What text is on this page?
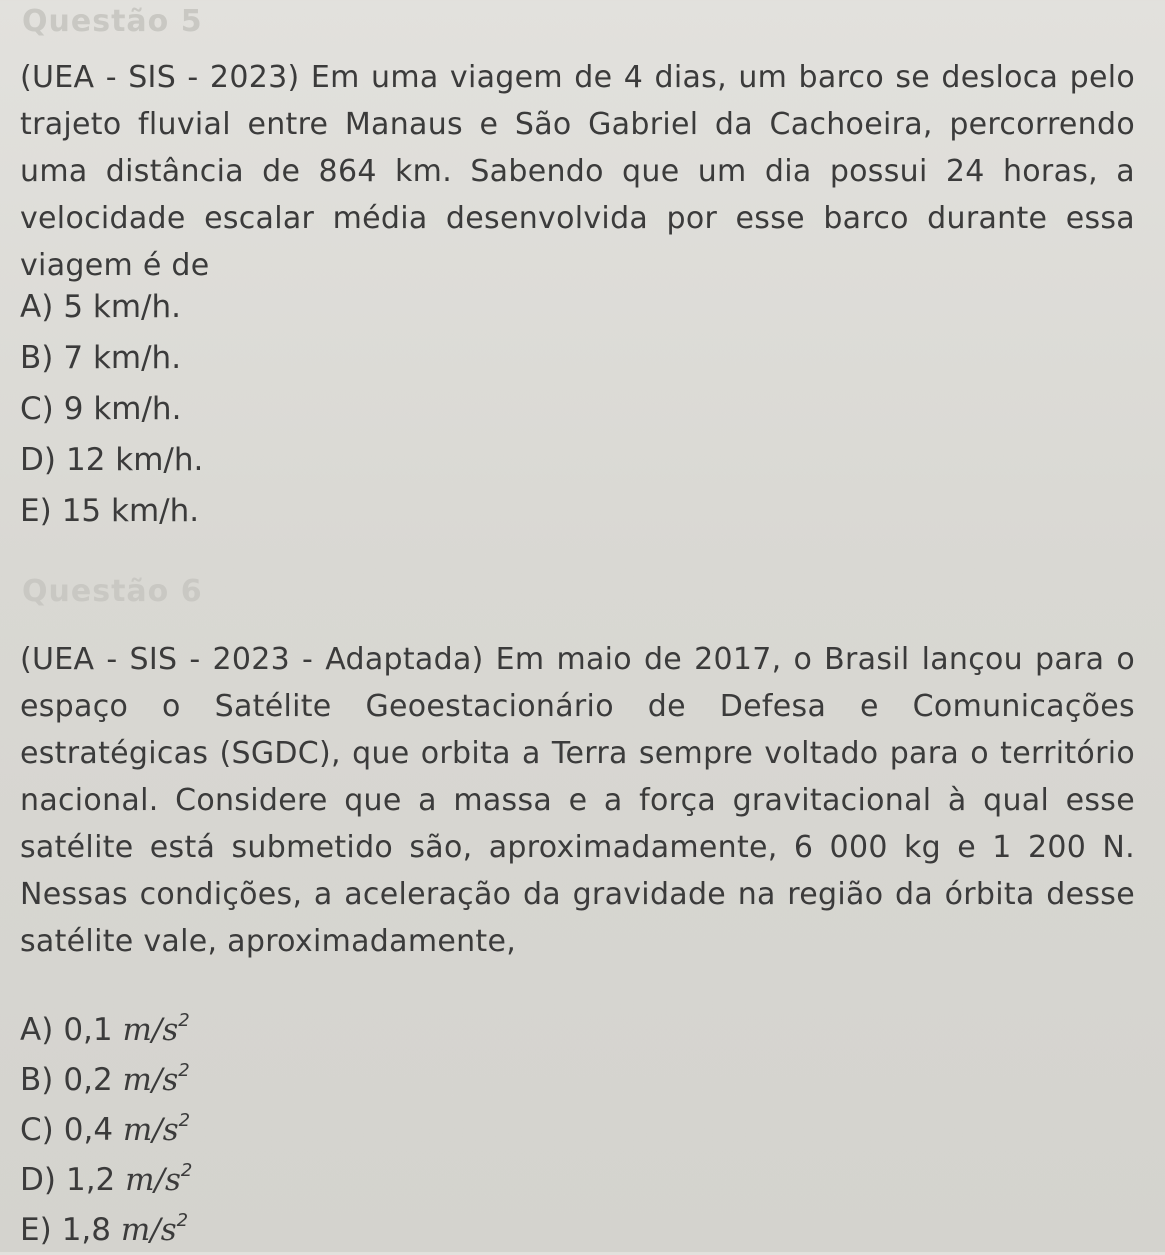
Questão 5
(UEA - SIS - 2023) Em uma viagem de 4 dias, um barco se desloca pelo trajeto fluvial entre Manaus e São Gabriel da Cachoeira, percorrendo uma distância de 864 km. Sabendo que um dia possui 24 horas, a velocidade escalar média desenvolvida por esse barco durante essa viagem é de
A) 5 km/h.
B) 7 km/h.
C) 9 km/h.
D) 12 km/h.
E) 15 km/h.
Questão 6
(UEA - SIS - 2023 - Adaptada) Em maio de 2017, o Brasil lançou para o espaço o Satélite Geoestacionário de Defesa e Comunicações estratégicas (SGDC), que orbita a Terra sempre voltado para o território nacional. Considere que a massa e a força gravitacional à qual esse satélite está submetido são, aproximadamente, 6 000 kg e 1 200 N. Nessas condições, a aceleração da gravidade na região da órbita desse satélite vale, aproximadamente,
A) 0,1 $m/s^2$
B) 0,2 $m/s^2$
C) 0,4 $m/s^2$
D) 1,2 $m/s^2$
E) 1,8 $m/s^2$
